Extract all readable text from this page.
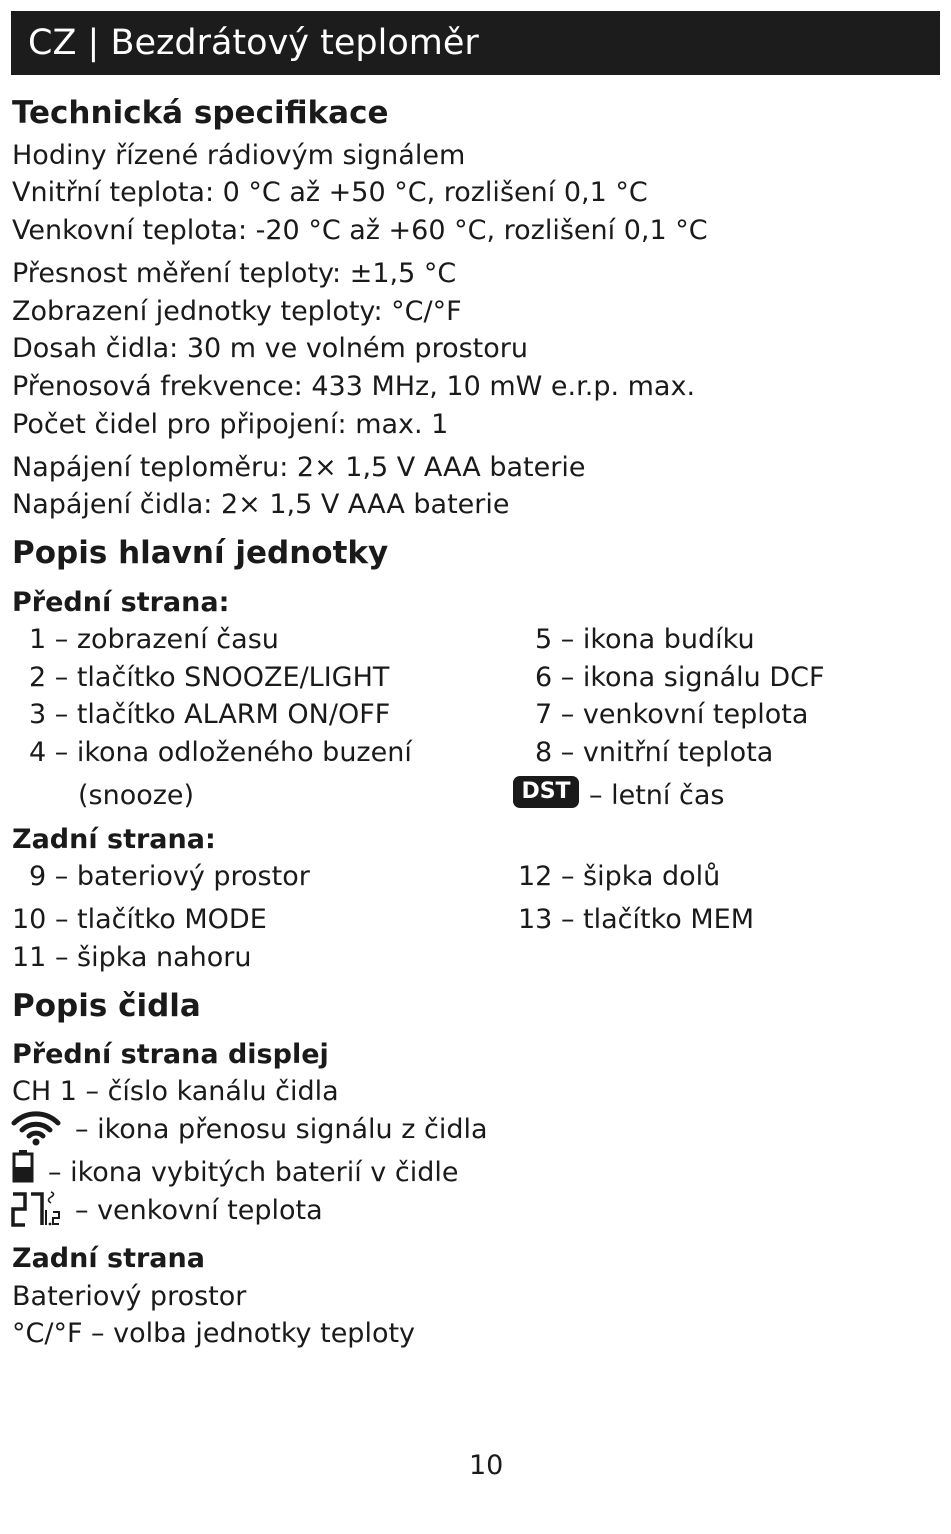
CZ | Bezdrátový teploměr
Technická specifikace
Hodiny řízené rádiovým signálem
Vnitřní teplota: 0 °C až +50 °C, rozlišení 0,1 °C
Venkovní teplota: -20 °C až +60 °C, rozlišení 0,1 °C
Přesnost měření teploty: ±1,5 °C
Zobrazení jednotky teploty: °C/°F
Dosah čidla: 30 m ve volném prostoru
Přenosová frekvence: 433 MHz, 10 mW e.r.p. max.
Počet čidel pro připojení: max. 1
Napájení teploměru: 2× 1,5 V AAA baterie
Napájení čidla: 2× 1,5 V AAA baterie
Popis hlavní jednotky
Přední strana:
1 – zobrazení času
2 – tlačítko SNOOZE/LIGHT
3 – tlačítko ALARM ON/OFF
4 – ikona odloženého buzení
(snooze)
5 – ikona budíku
6 – ikona signálu DCF
7 – venkovní teplota
8 – vnitřní teplota
DST – letní čas
Zadní strana:
9 – bateriový prostor
10 – tlačítko MODE
11 – šipka nahoru
12 – šipka dolů
13 – tlačítko MEM
Popis čidla
Přední strana displej
CH 1 – číslo kanálu čidla
– ikona přenosu signálu z čidla
– ikona vybitých baterií v čidle
– venkovní teplota
Zadní strana
Bateriový prostor
°C/°F – volba jednotky teploty
10
